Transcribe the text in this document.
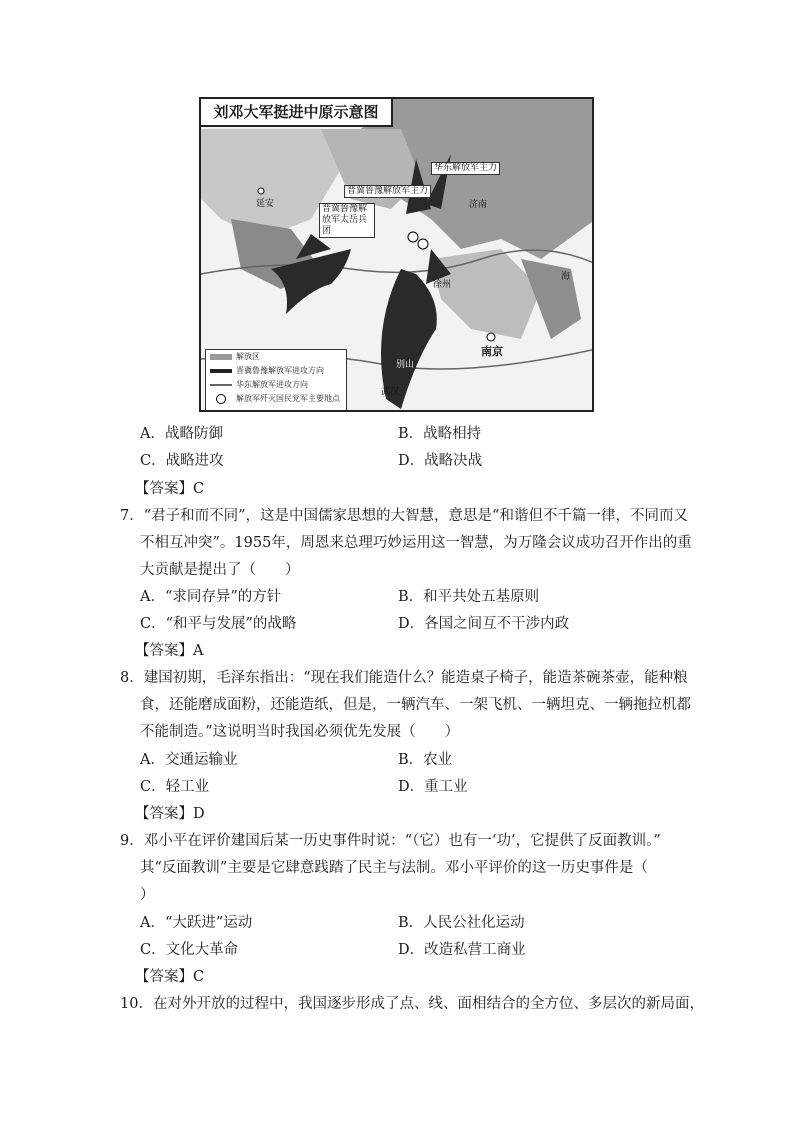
刘邓大军挺进中原示意图
延安	济南
徐州
南京
别山
武汉
海
华东解放军主力
晋冀鲁豫解放军主力
晋冀鲁豫解放军太岳兵团
解放区
晋冀鲁豫解放军进攻方向
华东解放军进攻方向
解放军歼灭国民党军主要地点
A．战略防御	B．战略相持
C．战略进攻	D．战略决战
【答案】C
7．“君子和而不同”，这是中国儒家思想的大智慧，意思是“和谐但不千篇一律，不同而又
不相互冲突”。1955年，周恩来总理巧妙运用这一智慧，为万隆会议成功召开作出的重
大贡献是提出了（　　）
A．“求同存异”的方针	B．和平共处五基原则
C．“和平与发展”的战略	D．各国之间互不干涉内政
【答案】A
8．建国初期，毛泽东指出：“现在我们能造什么？能造桌子椅子，能造茶碗茶壶，能种粮
食，还能磨成面粉，还能造纸，但是，一辆汽车、一架飞机、一辆坦克、一辆拖拉机都
不能制造。”这说明当时我国必须优先发展（　　）
A．交通运输业	B．农业
C．轻工业	D．重工业
【答案】D
9．邓小平在评价建国后某一历史事件时说：“（它）也有一‘功’，它提供了反面教训。”
其“反面教训”主要是它肆意践踏了民主与法制。邓小平评价的这一历史事件是（
）
A．“大跃进”运动	B．人民公社化运动
C．文化大革命	D．改造私营工商业
【答案】C
10．在对外开放的过程中，我国逐步形成了点、线、面相结合的全方位、多层次的新局面，
